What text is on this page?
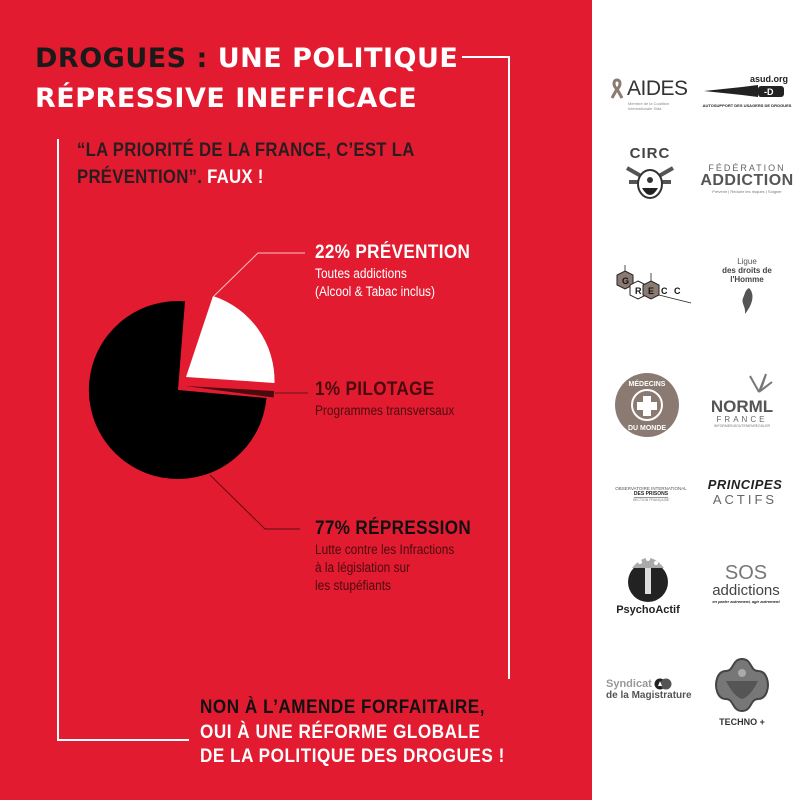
DROGUES : UNE POLITIQUE
RÉPRESSIVE INEFFICACE
“LA PRIORITÉ DE LA FRANCE, C’EST LA
PRÉVENTION”. FAUX !
22% PRÉVENTION
Toutes addictions
(Alcool & Tabac inclus)
1% PILOTAGE
Programmes transversaux
77% RÉPRESSION
Lutte contre les Infractions
à la législation sur
les stupéfiants
NON À L’AMENDE FORFAITAIRE,
OUI À UNE RÉFORME GLOBALE
DE LA POLITIQUE DES DROGUES !
AIDES
Membre de la Coalition
Internationale Sida
-D
asud.org
AUTOSUPPORT DES USAGERS DE DROGUES
CIRC
FÉDÉRATION
ADDICTION
Prévenir | Réduire les risques | Soigner
G
R E C C
Ligue
des droits de
l'Homme
MÉDECINS
DU MONDE
NORML
FRANCE
INFORMER•SOUTENIR•RÉGULER
OBSERVATOIRE INTERNATIONAL
DES PRISONS
SECTION FRANÇAISE
PRINCIPES
ACTIFS
PsychoActif
SOS
addictions
en parler autrement, agir autrement
Syndicat
de la Magistrature
TECHNO +
